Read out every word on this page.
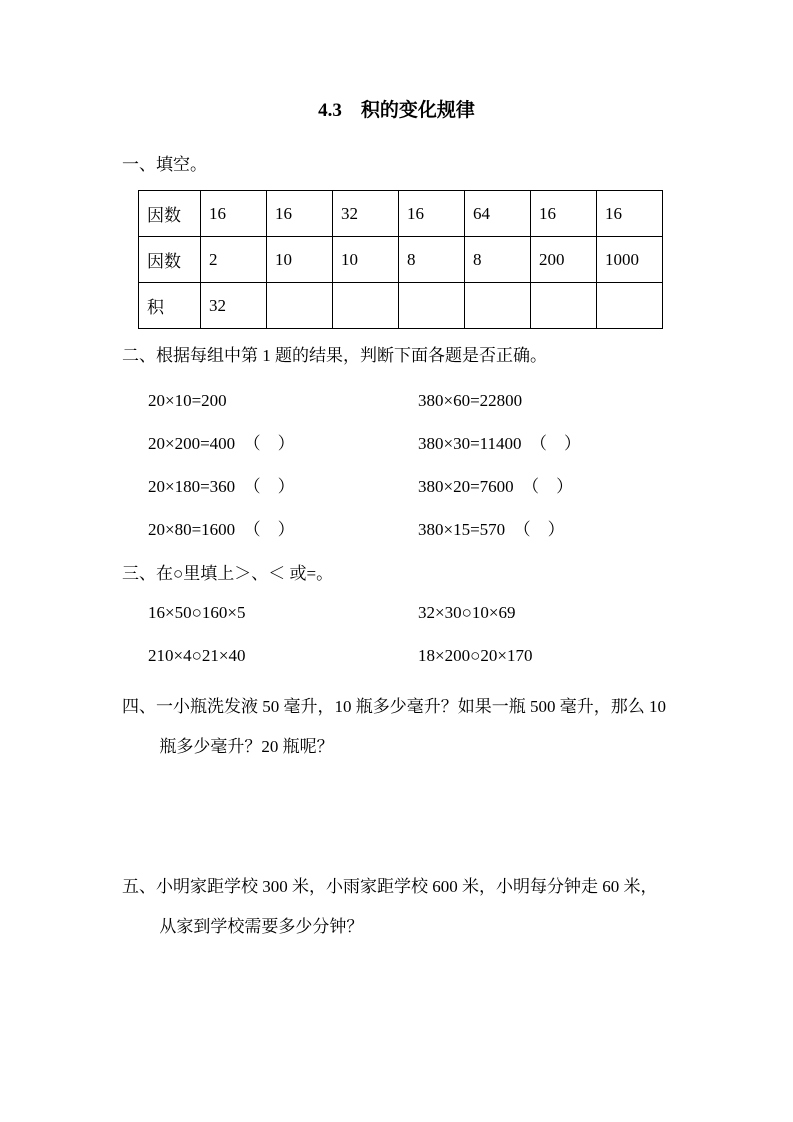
4.3　积的变化规律
一、填空。
因数	16	16	32	16	64	16	16
因数	2	10	10	8	8	200	1000
积	32						
二、根据每组中第 1 题的结果，判断下面各题是否正确。
20×10=200	380×60=22800
20×200=400　（　）	380×30=11400　（　）
20×180=360　（　）	380×20=7600　（　）
20×80=1600　（　）	380×15=570　（　）
三、在○里填上＞、＜ 或=。
16×50○160×5	32×30○10×69
210×4○21×40	18×200○20×170

四、一小瓶洗发液 50 毫升，10 瓶多少毫升？如果一瓶 500 毫升，那么 10 瓶多少毫升？20 瓶呢？

五、小明家距学校 300 米，小雨家距学校 600 米，小明每分钟走 60 米，从家到学校需要多少分钟？
